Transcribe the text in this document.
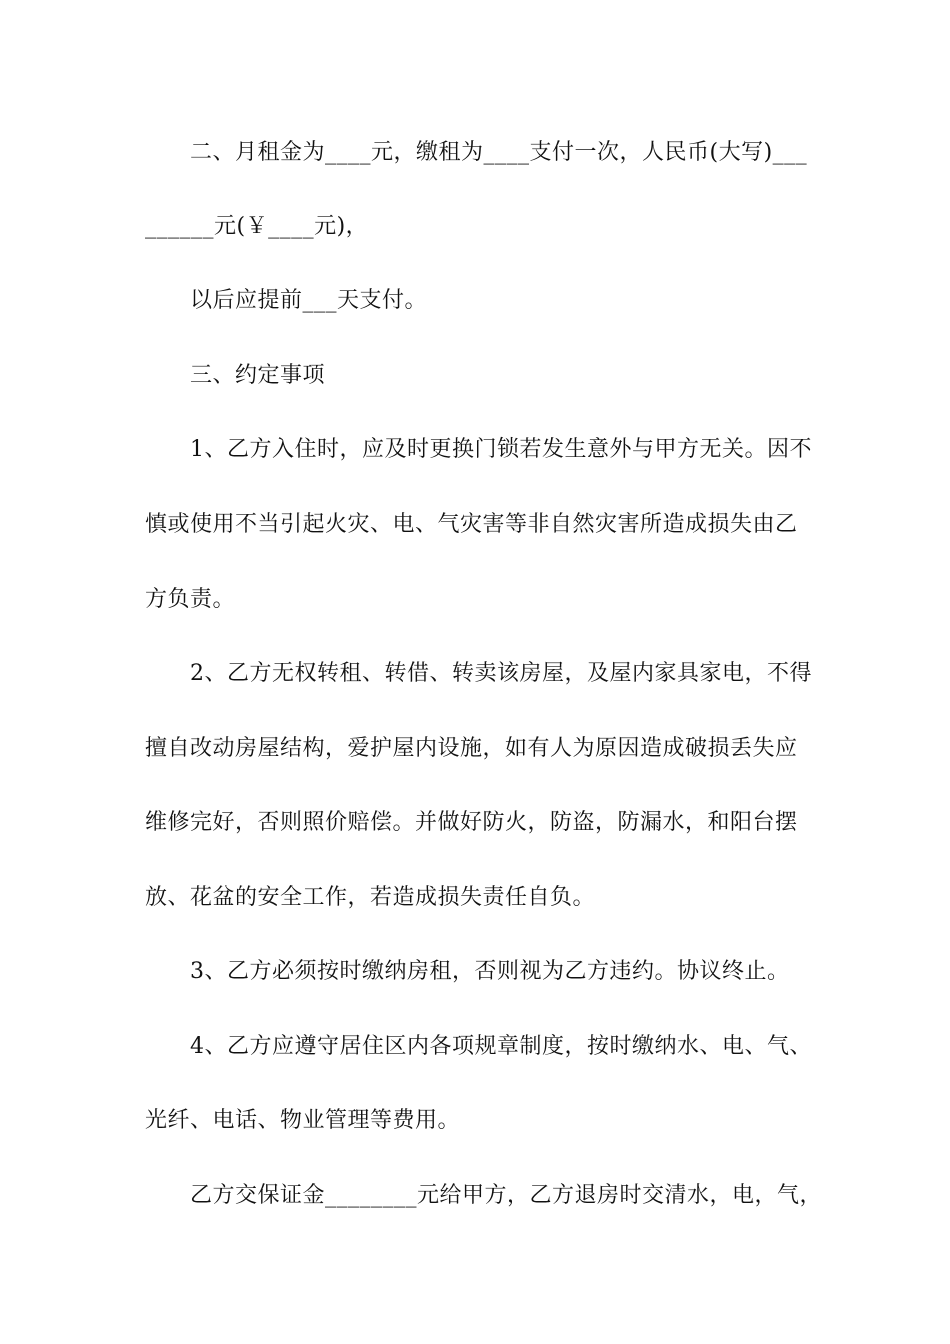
二、月租金为____元，缴租为____支付一次，人民币(大写)___
______元(￥____元)，
以后应提前___天支付。
三、约定事项
1、乙方入住时，应及时更换门锁若发生意外与甲方无关。因不
慎或使用不当引起火灾、电、气灾害等非自然灾害所造成损失由乙
方负责。
2、乙方无权转租、转借、转卖该房屋，及屋内家具家电，不得
擅自改动房屋结构，爱护屋内设施，如有人为原因造成破损丢失应
维修完好，否则照价赔偿。并做好防火，防盗，防漏水，和阳台摆
放、花盆的安全工作，若造成损失责任自负。
3、乙方必须按时缴纳房租，否则视为乙方违约。协议终止。
4、乙方应遵守居住区内各项规章制度，按时缴纳水、电、气、
光纤、电话、物业管理等费用。
乙方交保证金________元给甲方，乙方退房时交清水，电，气，
